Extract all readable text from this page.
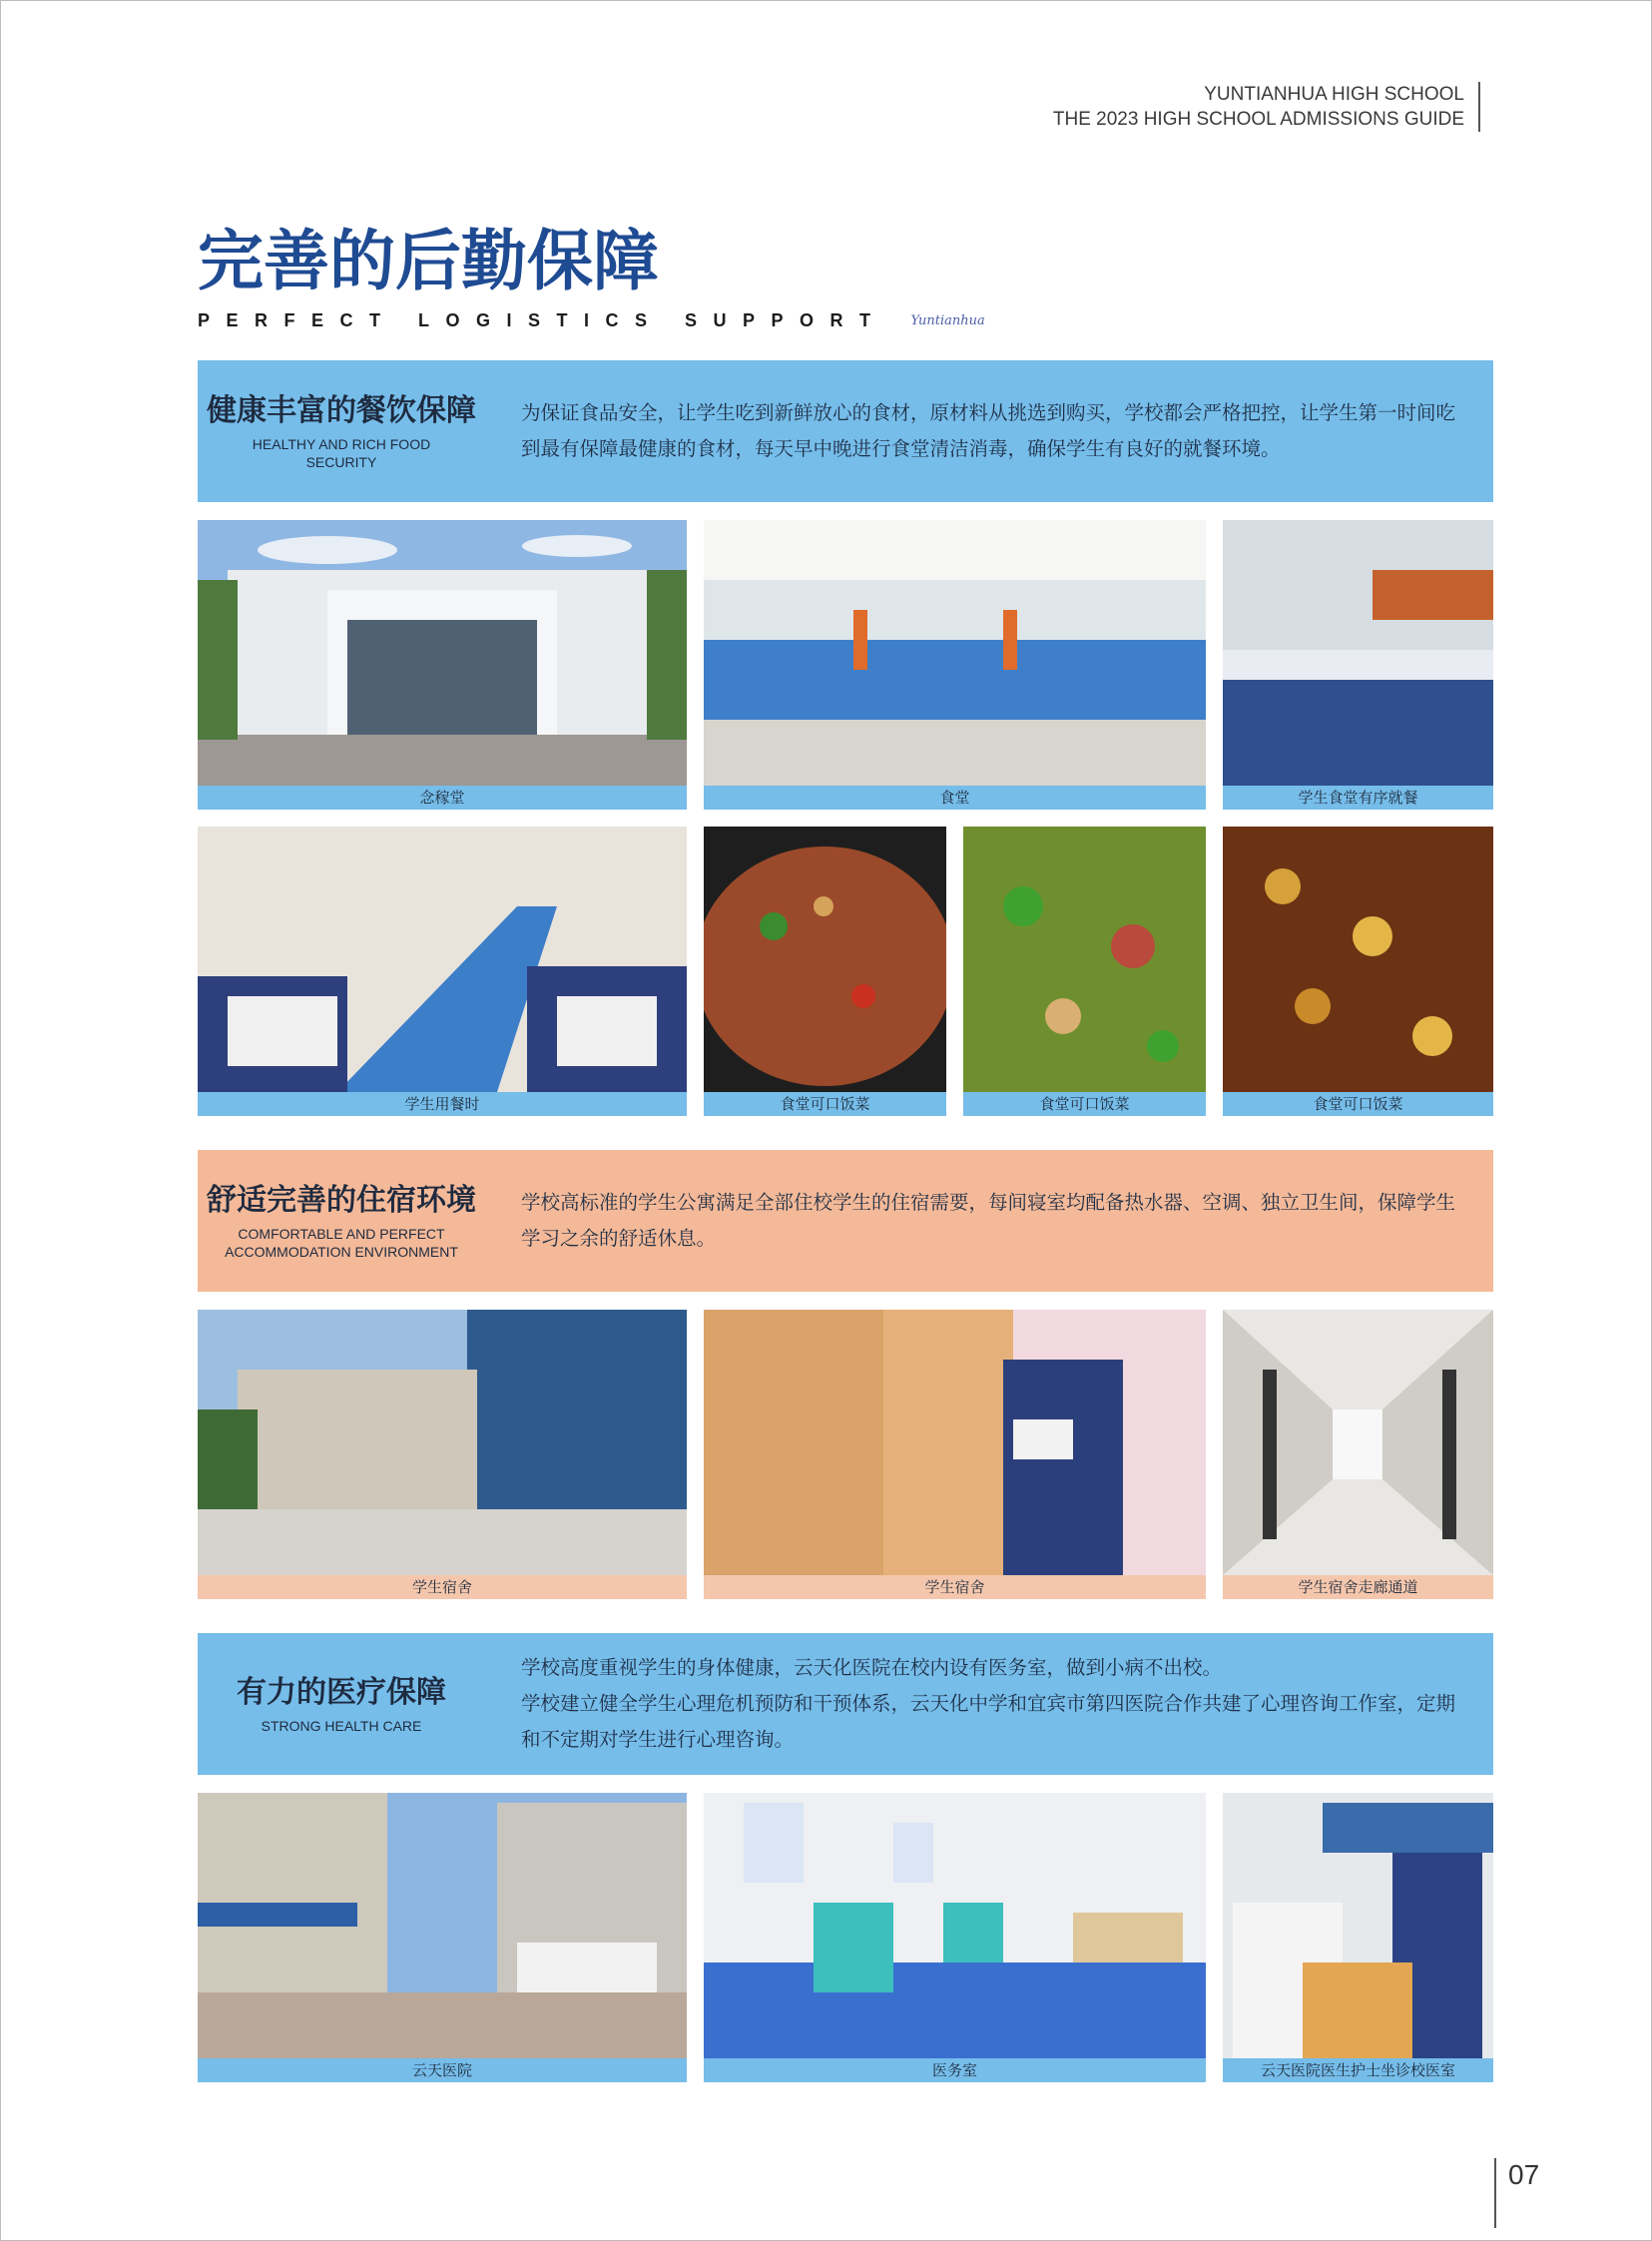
YUNTIANHUA HIGH SCHOOL
THE 2023 HIGH SCHOOL ADMISSIONS GUIDE
完善的后勤保障
PERFECT LOGISTICS SUPPORT Yuntianhua
健康丰富的餐饮保障
HEALTHY AND RICH FOOD SECURITY
为保证食品安全，让学生吃到新鲜放心的食材，原材料从挑选到购买，学校都会严格把控，让学生第一时间吃到最有保障最健康的食材，每天早中晚进行食堂清洁消毒，确保学生有良好的就餐环境。
念稼堂	食堂	学生食堂有序就餐
学生用餐时	食堂可口饭菜	食堂可口饭菜	食堂可口饭菜
舒适完善的住宿环境
COMFORTABLE AND PERFECT ACCOMMODATION ENVIRONMENT
学校高标准的学生公寓满足全部住校学生的住宿需要，每间寝室均配备热水器、空调、独立卫生间，保障学生学习之余的舒适休息。
学生宿舍	学生宿舍	学生宿舍走廊通道
有力的医疗保障
STRONG HEALTH CARE
学校高度重视学生的身体健康，云天化医院在校内设有医务室，做到小病不出校。
学校建立健全学生心理危机预防和干预体系，云天化中学和宜宾市第四医院合作共建了心理咨询工作室，定期和不定期对学生进行心理咨询。
云天医院	医务室	云天医院医生护士坐诊校医室
07
